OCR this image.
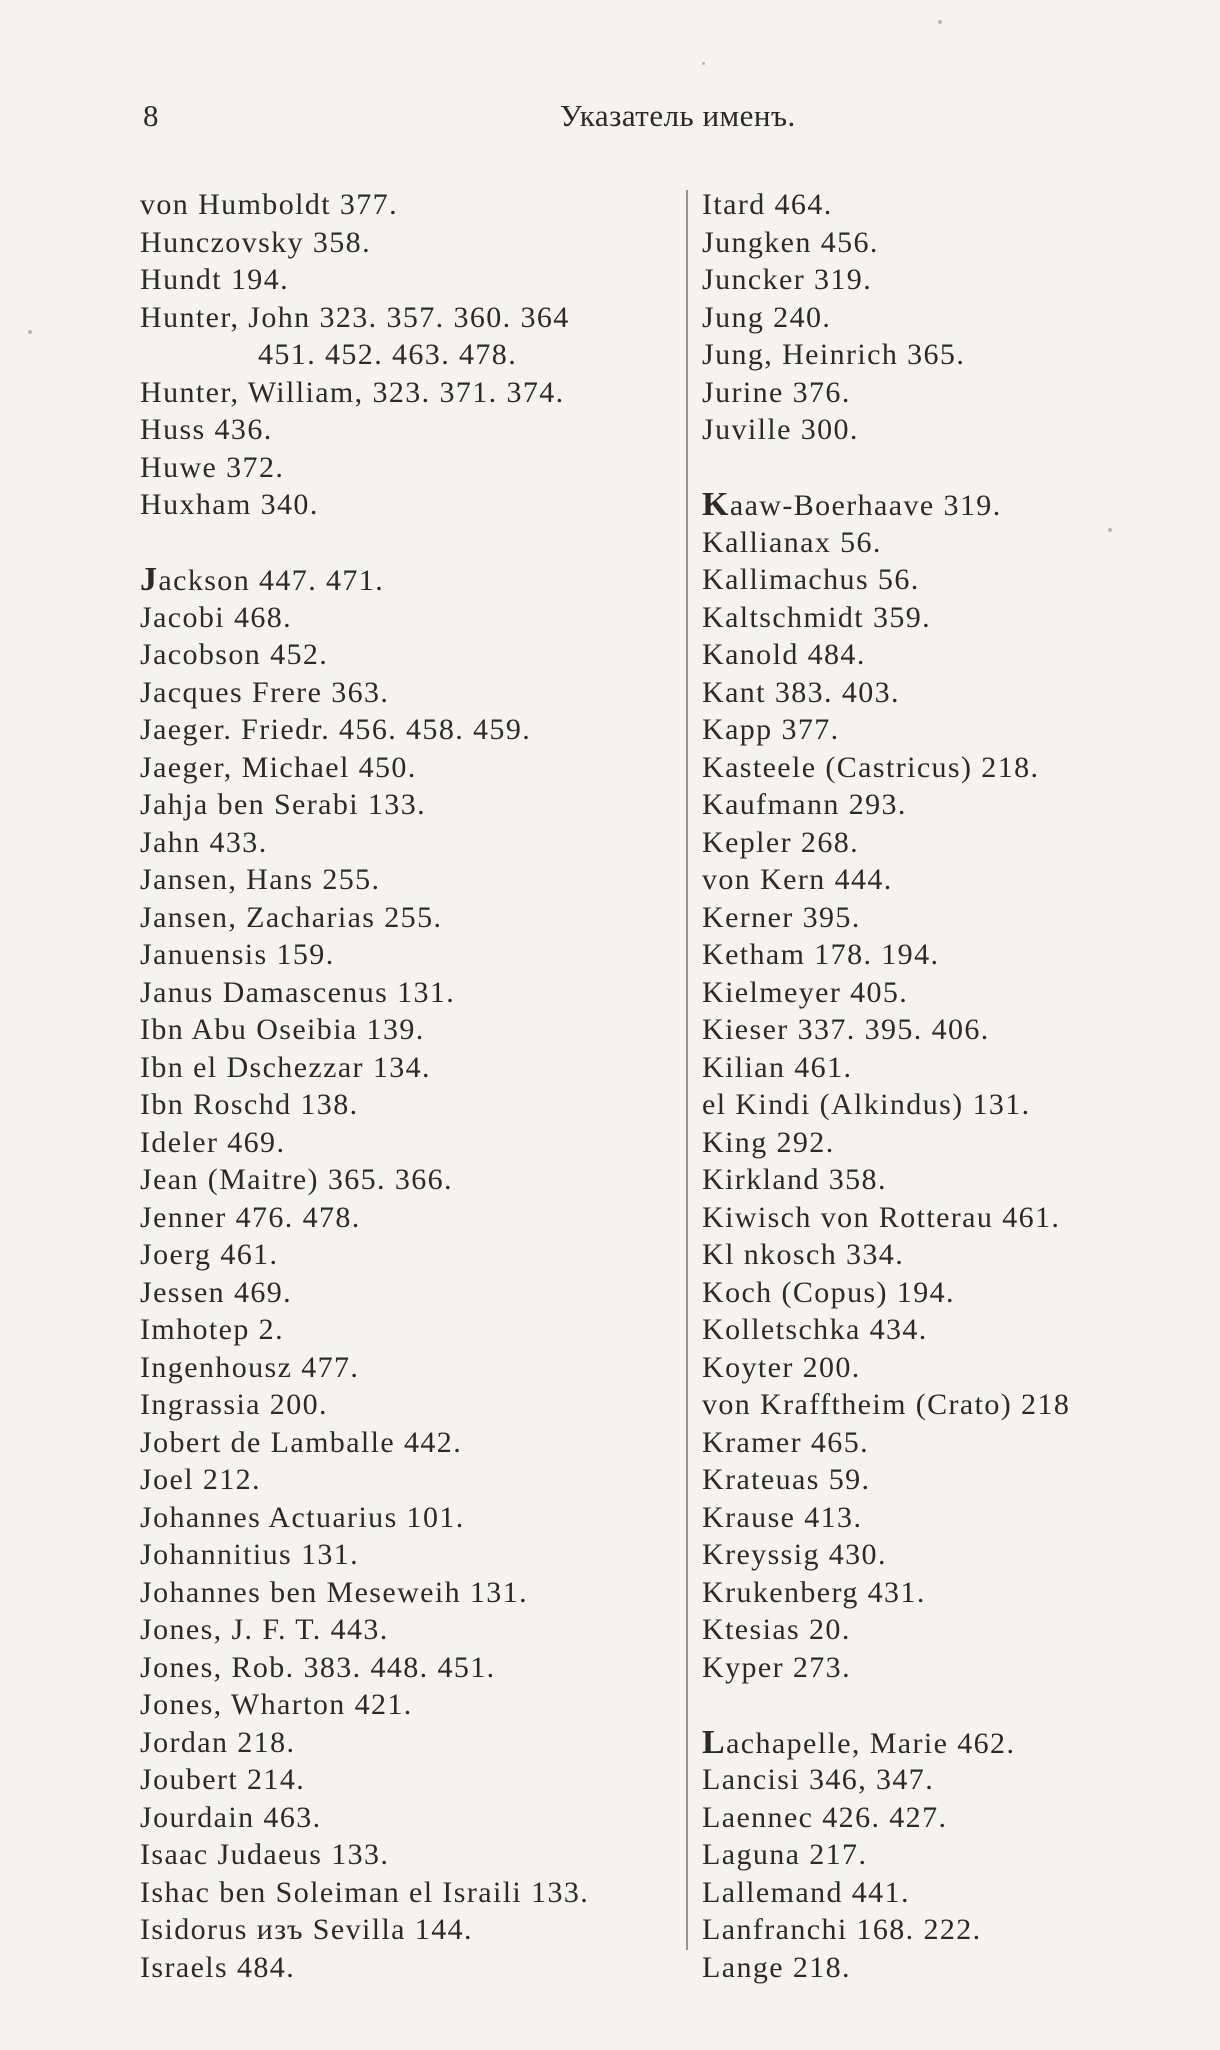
8	Указатель именъ.
von Humboldt 377.
Hunczovsky 358.
Hundt 194.
Hunter, John 323. 357. 360. 364
451. 452. 463. 478.
Hunter, William, 323. 371. 374.
Huss 436.
Huwe 372.
Huxham 340.
Jackson 447. 471.
Jacobi 468.
Jacobson 452.
Jacques Frere 363.
Jaeger. Friedr. 456. 458. 459.
Jaeger, Michael 450.
Jahja ben Serabi 133.
Jahn 433.
Jansen, Hans 255.
Jansen, Zacharias 255.
Januensis 159.
Janus Damascenus 131.
Ibn Abu Oseibia 139.
Ibn el Dschezzar 134.
Ibn Roschd 138.
Ideler 469.
Jean (Maitre) 365. 366.
Jenner 476. 478.
Joerg 461.
Jessen 469.
Imhotep 2.
Ingenhousz 477.
Ingrassia 200.
Jobert de Lamballe 442.
Joel 212.
Johannes Actuarius 101.
Johannitius 131.
Johannes ben Meseweih 131.
Jones, J. F. T. 443.
Jones, Rob. 383. 448. 451.
Jones, Wharton 421.
Jordan 218.
Joubert 214.
Jourdain 463.
Isaac Judaeus 133.
Ishac ben Soleiman el Israili 133.
Isidorus изъ Sevilla 144.
Israels 484.
Itard 464.
Jungken 456.
Juncker 319.
Jung 240.
Jung, Heinrich 365.
Jurine 376.
Juville 300.
Kaaw-Boerhaave 319.
Kallianax 56.
Kallimachus 56.
Kaltschmidt 359.
Kanold 484.
Kant 383. 403.
Kapp 377.
Kasteele (Castricus) 218.
Kaufmann 293.
Kepler 268.
von Kern 444.
Kerner 395.
Ketham 178. 194.
Kielmeyer 405.
Kieser 337. 395. 406.
Kilian 461.
el Kindi (Alkindus) 131.
King 292.
Kirkland 358.
Kiwisch von Rotterau 461.
Kl nkosch 334.
Koch (Copus) 194.
Kolletschka 434.
Koyter 200.
von Krafftheim (Crato) 218
Kramer 465.
Krateuas 59.
Krause 413.
Kreyssig 430.
Krukenberg 431.
Ktesias 20.
Kyper 273.
Lachapelle, Marie 462.
Lancisi 346, 347.
Laennec 426. 427.
Laguna 217.
Lallemand 441.
Lanfranchi 168. 222.
Lange 218.
